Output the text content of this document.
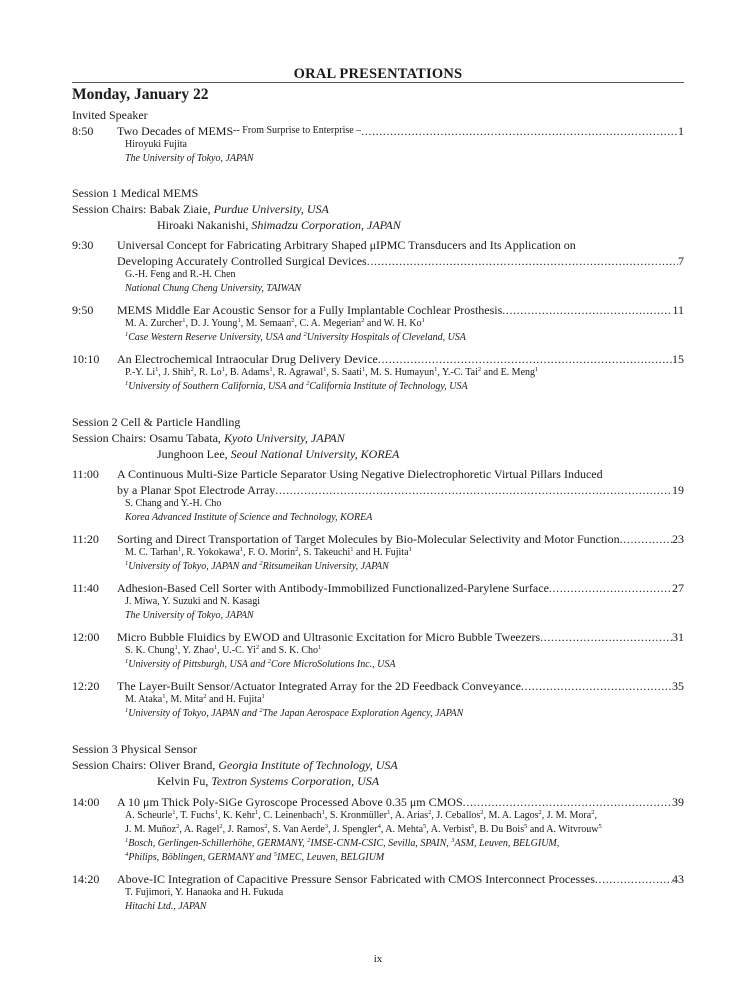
ORAL PRESENTATIONS
Monday, January 22
Invited Speaker
8:50 Two Decades of MEMS -- From Surprise to Enterprise – .....	1
Hiroyuki Fujita
The University of Tokyo, JAPAN
Session 1 Medical MEMS
Session Chairs: Babak Ziaie, Purdue University, USA
Hiroaki Nakanishi, Shimadzu Corporation, JAPAN
9:30 Universal Concept for Fabricating Arbitrary Shaped μIPMC Transducers and Its Application on
Developing Accurately Controlled Surgical Devices .....	7
G.-H. Feng and R.-H. Chen
National Chung Cheng University, TAIWAN
9:50 MEMS Middle Ear Acoustic Sensor for a Fully Implantable Cochlear Prosthesis .....	11
M. A. Zurcher$^1$, D. J. Young$^1$, M. Semaan$^2$, C. A. Megerian$^2$ and W. H. Ko$^1$
$^1$Case Western Reserve University, USA and $^2$University Hospitals of Cleveland, USA
10:10 An Electrochemical Intraocular Drug Delivery Device .....	15
P.-Y. Li$^1$, J. Shih$^2$, R. Lo$^1$, B. Adams$^1$, R. Agrawal$^1$, S. Saati$^1$, M. S. Humayun$^1$, Y.-C. Tai$^2$ and E. Meng$^1$
$^1$University of Southern California, USA and $^2$California Institute of Technology, USA
Session 2 Cell & Particle Handling
Session Chairs: Osamu Tabata, Kyoto University, JAPAN
Junghoon Lee, Seoul National University, KOREA
11:00 A Continuous Multi-Size Particle Separator Using Negative Dielectrophoretic Virtual Pillars Induced
by a Planar Spot Electrode Array .....	19
S. Chang and Y.-H. Cho
Korea Advanced Institute of Science and Technology, KOREA
11:20 Sorting and Direct Transportation of Target Molecules by Bio-Molecular Selectivity and Motor Function .....	23
M. C. Tarhan$^1$, R. Yokokawa$^1$, F. O. Morin$^2$, S. Takeuchi$^1$ and H. Fujita$^1$
$^1$University of Tokyo, JAPAN and $^2$Ritsumeikan University, JAPAN
11:40 Adhesion-Based Cell Sorter with Antibody-Immobilized Functionalized-Parylene Surface .....	27
J. Miwa, Y. Suzuki and N. Kasagi
The University of Tokyo, JAPAN
12:00 Micro Bubble Fluidics by EWOD and Ultrasonic Excitation for Micro Bubble Tweezers .....	31
S. K. Chung$^1$, Y. Zhao$^1$, U.-C. Yi$^2$ and S. K. Cho$^1$
$^1$University of Pittsburgh, USA and $^2$Core MicroSolutions Inc., USA
12:20 The Layer-Built Sensor/Actuator Integrated Array for the 2D Feedback Conveyance .....	35
M. Ataka$^1$, M. Mita$^2$ and H. Fujita$^1$
$^1$University of Tokyo, JAPAN and $^2$The Japan Aerospace Exploration Agency, JAPAN
Session 3 Physical Sensor
Session Chairs: Oliver Brand, Georgia Institute of Technology, USA
Kelvin Fu, Textron Systems Corporation, USA
14:00 A 10 μm Thick Poly-SiGe Gyroscope Processed Above 0.35 μm CMOS .....	39
A. Scheurle$^1$, T. Fuchs$^1$, K. Kehr$^1$, C. Leinenbach$^1$, S. Kronmüller$^1$, A. Arias$^2$, J. Ceballos$^2$, M. A. Lagos$^2$, J. M. Mora$^2$,
J. M. Muñoz$^2$, A. Ragel$^2$, J. Ramos$^2$, S. Van Aerde$^3$, J. Spengler$^4$, A. Mehta$^5$, A. Verbist$^5$, B. Du Bois$^5$ and A. Witvrouw$^5$
$^1$Bosch, Gerlingen-Schillerhöhe, GERMANY, $^2$IMSE-CNM-CSIC, Sevilla, SPAIN, $^3$ASM, Leuven, BELGIUM,
$^4$Philips, Böblingen, GERMANY and $^5$IMEC, Leuven, BELGIUM
14:20 Above-IC Integration of Capacitive Pressure Sensor Fabricated with CMOS Interconnect Processes .....	43
T. Fujimori, Y. Hanaoka and H. Fukuda
Hitachi Ltd., JAPAN
ix
